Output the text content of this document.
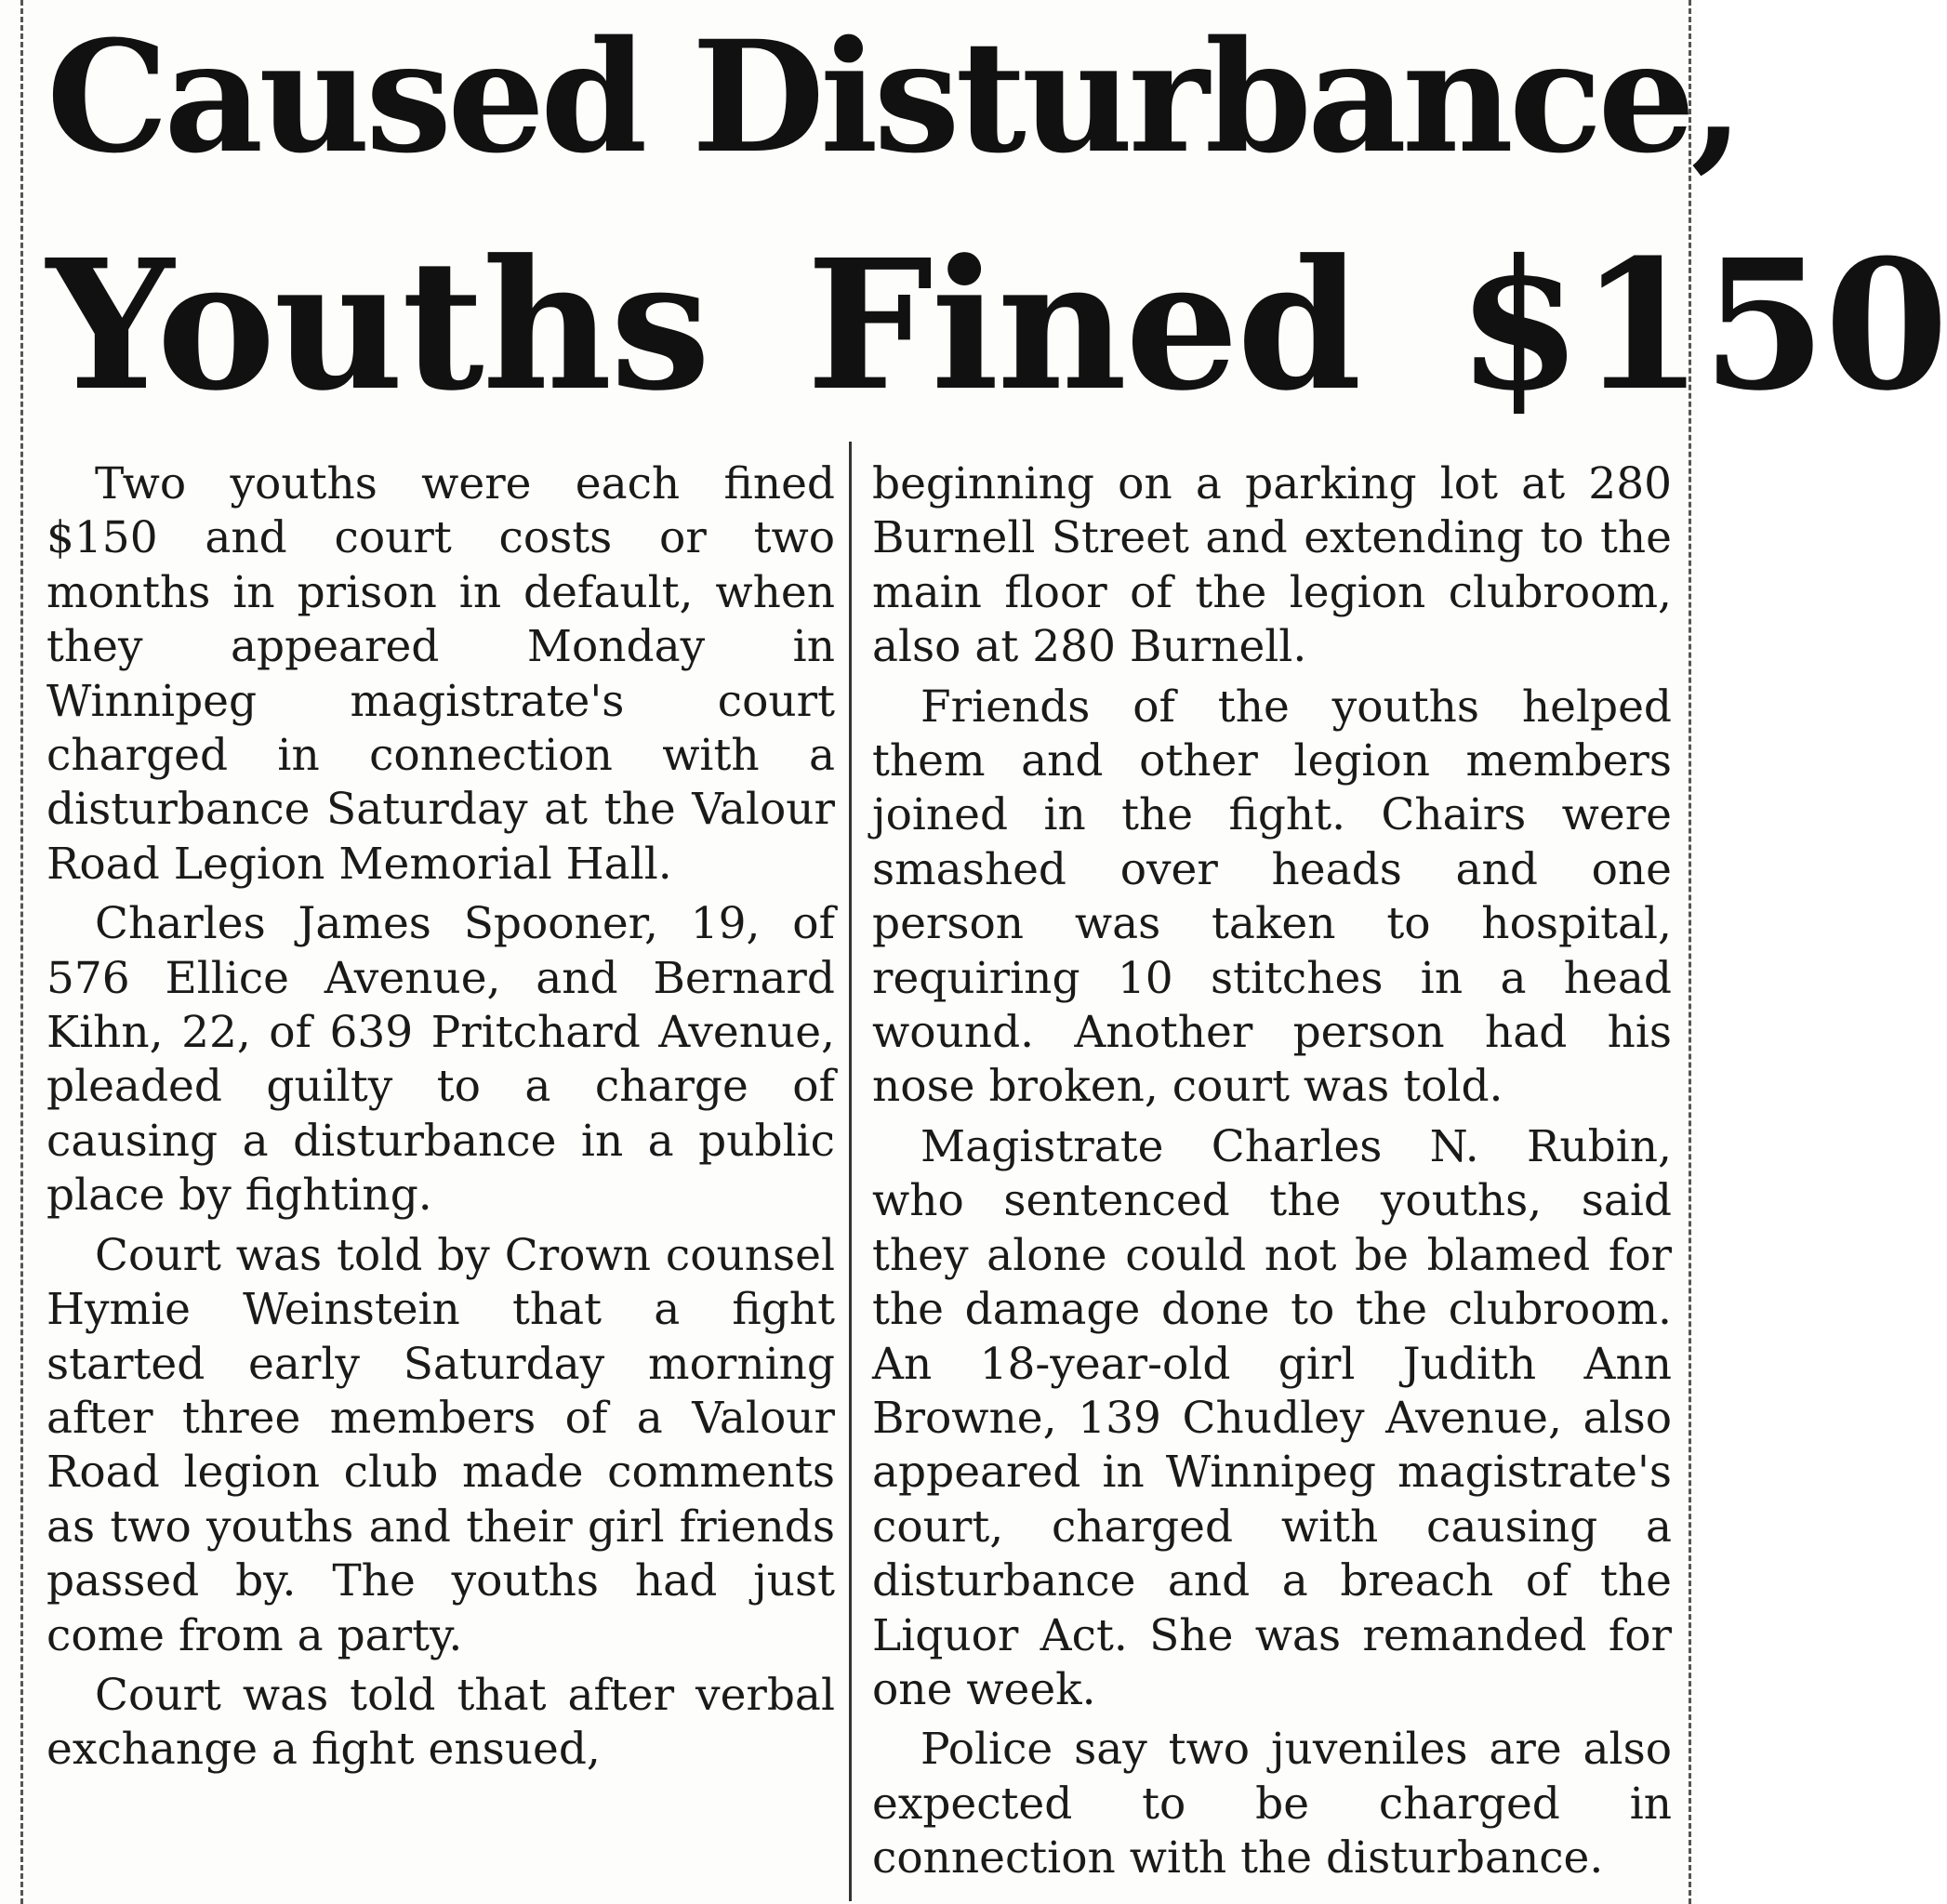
Caused Disturbance,
Youths Fined $150

Two youths were each fined $150 and court costs or two months in prison in default, when they appeared Monday in Winnipeg magistrate's court charged in connection with a disturbance Saturday at the Valour Road Legion Memorial Hall.

Charles James Spooner, 19, of 576 Ellice Avenue, and Bernard Kihn, 22, of 639 Pritchard Avenue, pleaded guilty to a charge of causing a disturbance in a public place by fighting.

Court was told by Crown counsel Hymie Weinstein that a fight started early Saturday morning after three members of a Valour Road legion club made comments as two youths and their girl friends passed by. The youths had just come from a party.

Court was told that after verbal exchange a fight ensued,

beginning on a parking lot at 280 Burnell Street and extending to the main floor of the legion clubroom, also at 280 Burnell.

Friends of the youths helped them and other legion members joined in the fight. Chairs were smashed over heads and one person was taken to hospital, requiring 10 stitches in a head wound. Another person had his nose broken, court was told.

Magistrate Charles N. Rubin, who sentenced the youths, said they alone could not be blamed for the damage done to the clubroom. An 18-year-old girl Judith Ann Browne, 139 Chudley Avenue, also appeared in Winnipeg magistrate's court, charged with causing a disturbance and a breach of the Liquor Act. She was remanded for one week.

Police say two juveniles are also expected to be charged in connection with the disturbance.
